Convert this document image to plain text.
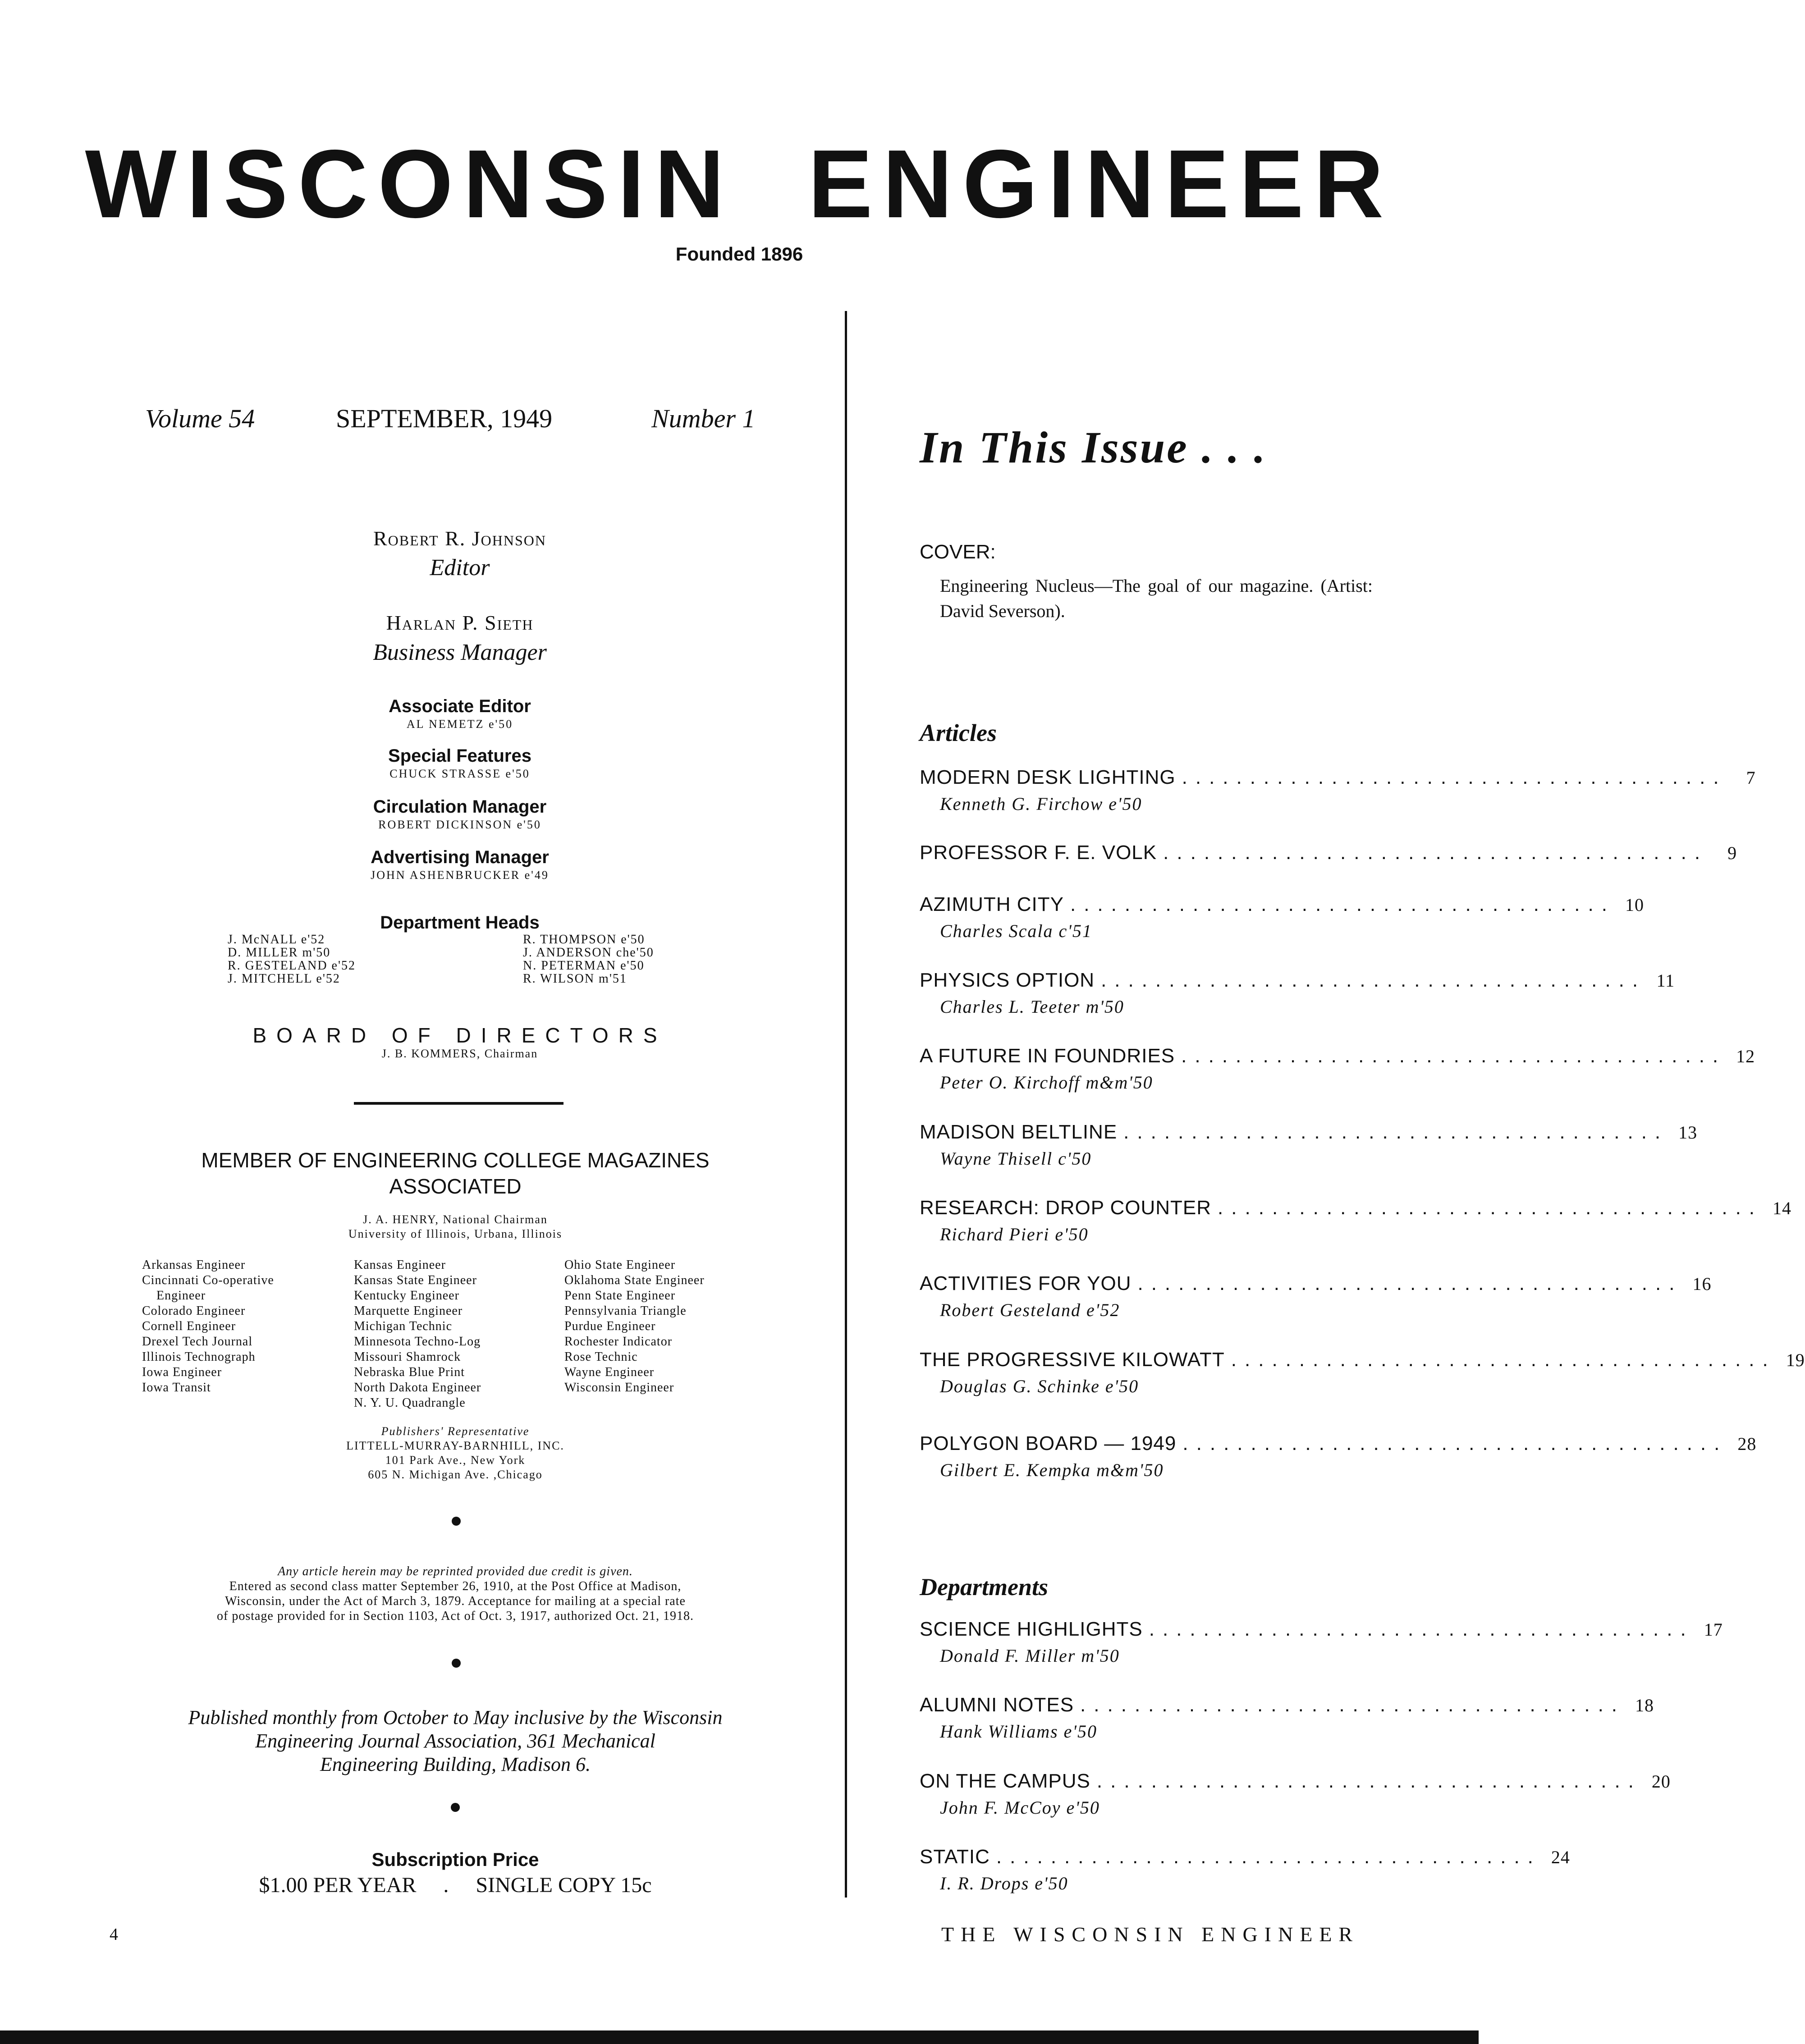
WISCONSIN  ENGINEER
Founded 1896
Volume 54	SEPTEMBER, 1949	Number 1
Robert R. Johnson
Editor
Harlan P. Sieth
Business Manager
Associate Editor
AL NEMETZ e'50
Special Features
CHUCK STRASSE e'50
Circulation Manager
ROBERT DICKINSON e'50
Advertising Manager
JOHN ASHENBRUCKER e'49
Department Heads
J. McNALL e'52
D. MILLER m'50
R. GESTELAND e'52
J. MITCHELL e'52
R. THOMPSON e'50
J. ANDERSON che'50
N. PETERMAN e'50
R. WILSON m'51
BOARD OF DIRECTORS
J. B. KOMMERS, Chairman
MEMBER OF ENGINEERING COLLEGE MAGAZINES
ASSOCIATED
J. A. HENRY, National Chairman
University of Illinois, Urbana, Illinois
Arkansas Engineer
Cincinnati Co-operative
Engineer
Colorado Engineer
Cornell Engineer
Drexel Tech Journal
Illinois Technograph
Iowa Engineer
Iowa Transit
Kansas Engineer
Kansas State Engineer
Kentucky Engineer
Marquette Engineer
Michigan Technic
Minnesota Techno-Log
Missouri Shamrock
Nebraska Blue Print
North Dakota Engineer
N. Y. U. Quadrangle
Ohio State Engineer
Oklahoma State Engineer
Penn State Engineer
Pennsylvania Triangle
Purdue Engineer
Rochester Indicator
Rose Technic
Wayne Engineer
Wisconsin Engineer
Publishers' Representative
LITTELL-MURRAY-BARNHILL, INC.
101 Park Ave., New York
605 N. Michigan Ave. ,Chicago
Any article herein may be reprinted provided due credit is given.
Entered as second class matter September 26, 1910, at the Post Office at Madison,
Wisconsin, under the Act of March 3, 1879. Acceptance for mailing at a special rate
of postage provided for in Section 1103, Act of Oct. 3, 1917, authorized Oct. 21, 1918.
Published monthly from October to May inclusive by the Wisconsin
Engineering Journal Association, 361 Mechanical
Engineering Building, Madison 6.
Subscription Price
$1.00 PER YEAR     .     SINGLE COPY 15c
In This Issue . . .
COVER:
Engineering Nucleus—The goal of our magazine. (Artist: David Severson).
Articles
MODERN DESK LIGHTING ........................................	7
Kenneth G. Firchow e'50
PROFESSOR F. E. VOLK ........................................	9
AZIMUTH CITY ........................................ 10
Charles Scala c'51
PHYSICS OPTION ........................................ 11
Charles L. Teeter m'50
A FUTURE IN FOUNDRIES ........................................ 12
Peter O. Kirchoff m&m'50
MADISON BELTLINE ........................................ 13
Wayne Thisell c'50
RESEARCH: DROP COUNTER ........................................ 14
Richard Pieri e'50
ACTIVITIES FOR YOU ........................................ 16
Robert Gesteland e'52
THE PROGRESSIVE KILOWATT ........................................ 19
Douglas G. Schinke e'50
POLYGON BOARD — 1949 ........................................ 28
Gilbert E. Kempka m&m'50
Departments
SCIENCE HIGHLIGHTS ........................................ 17
Donald F. Miller m'50
ALUMNI NOTES ........................................ 18
Hank Williams e'50
ON THE CAMPUS ........................................ 20
John F. McCoy e'50
STATIC ........................................ 24
I. R. Drops e'50
4	THE WISCONSIN ENGINEER
